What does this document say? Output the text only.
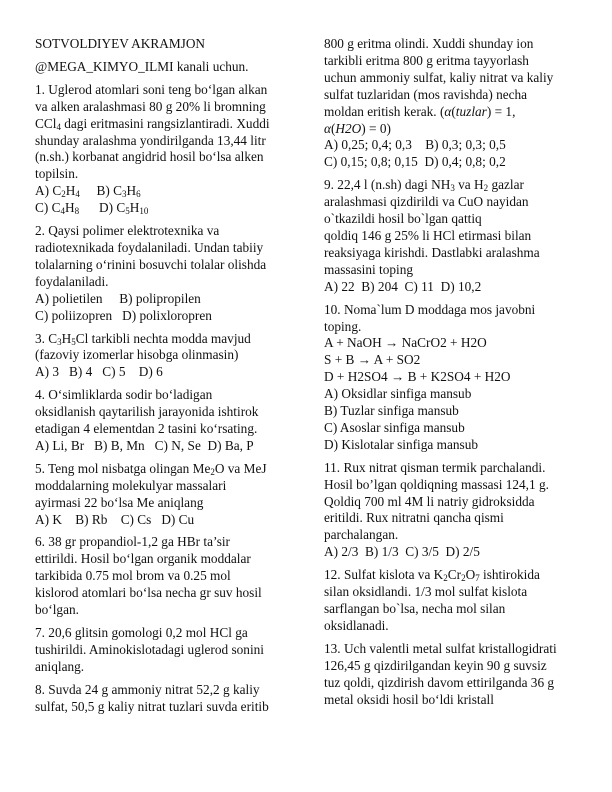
SOTVOLDIYEV AKRAMJON
@MEGA_KIMYO_ILMI kanali uchun.
1. Uglerod atomlari soni teng bo‘lgan alkan
va alken aralashmasi 80 g 20% li bromning
CCl$_4$ dagi eritmasini rangsizlantiradi. Xuddi
shunday aralashma yondirilganda 13,44 litr
(n.sh.) korbanat angidrid hosil bo‘lsa alken
topilsin.
A) $C_2H_4$     B) $C_3H_6$
C) $C_4H_8$      D) $C_5H_{10}$
2. Qaysi polimer elektrotexnika va
radiotexnikada foydalaniladi. Undan tabiiy
tolalarning o‘rinini bosuvchi tolalar olishda
foydalaniladi.
A) polietilen     B) polipropilen
C) poliizopren   D) polixloropren
3. $C_3H_5Cl$ tarkibli nechta modda mavjud
(fazoviy izomerlar hisobga olinmasin)
A) 3   B) 4   C) 5    D) 6
4. O‘simliklarda sodir bo‘ladigan
oksidlanish qaytarilish jarayonida ishtirok
etadigan 4 elementdan 2 tasini ko‘rsating.
A) Li, Br   B) B, Mn   C) N, Se  D) Ba, P
5. Teng mol nisbatga olingan $Me_2O$ va MeJ
moddalarning molekulyar massalari
ayirmasi 22 bo‘lsa Me aniqlang
A) K    B) Rb    C) Cs   D) Cu
6. 38 gr propandiol-1,2 ga HBr ta’sir
ettirildi. Hosil bo‘lgan organik moddalar
tarkibida 0.75 mol brom va 0.25 mol
kislorod atomlari bo‘lsa necha gr suv hosil
bo‘lgan.
7. 20,6 glitsin gomologi 0,2 mol HCl ga
tushirildi. Aminokislotadagi uglerod sonini
aniqlang.
8. Suvda 24 g ammoniy nitrat 52,2 g kaliy
sulfat, 50,5 g kaliy nitrat tuzlari suvda eritib
800 g eritma olindi. Xuddi shunday ion
tarkibli eritma 800 g eritma tayyorlash
uchun ammoniy sulfat, kaliy nitrat va kaliy
sulfat tuzlaridan (mos ravishda) necha
moldan eritish kerak. (α(tuzlar) = 1,
α(H2O) = 0)
A) 0,25; 0,4; 0,3    B) 0,3; 0,3; 0,5
C) 0,15; 0,8; 0,15  D) 0,4; 0,8; 0,2
9. 22,4 l (n.sh) dagi $NH_3$ va $H_2$ gazlar
aralashmasi qizdirildi va CuO nayidan
o`tkazildi hosil bo`lgan qattiq
qoldiq 146 g 25% li HCl etirmasi bilan
reaksiyaga kirishdi. Dastlabki aralashma
massasini toping
A) 22  B) 204  C) 11  D) 10,2
10. Noma`lum D moddaga mos javobni
toping.
A + NaOH → NaCrO2 + H2O
S + B → A + SO2
D + H2SO4 → B + K2SO4 + H2O
A) Oksidlar sinfiga mansub
B) Tuzlar sinfiga mansub
C) Asoslar sinfiga mansub
D) Kislotalar sinfiga mansub
11. Rux nitrat qisman termik parchalandi.
Hosil bo’lgan qoldiqning massasi 124,1 g.
Qoldiq 700 ml 4M li natriy gidroksidda
eritildi. Rux nitratni qancha qismi
parchalangan.
A) 2/3  B) 1/3  C) 3/5  D) 2/5
12. Sulfat kislota va $K_2Cr_2O_7$ ishtirokida
silan oksidlandi. 1/3 mol sulfat kislota
sarflangan bo`lsa, necha mol silan
oksidlanadi.
13. Uch valentli metal sulfat kristallogidrati
126,45 g qizdirilgandan keyin 90 g suvsiz
tuz qoldi, qizdirish davom ettirilganda 36 g
metal oksidi hosil bo‘ldi kristall
